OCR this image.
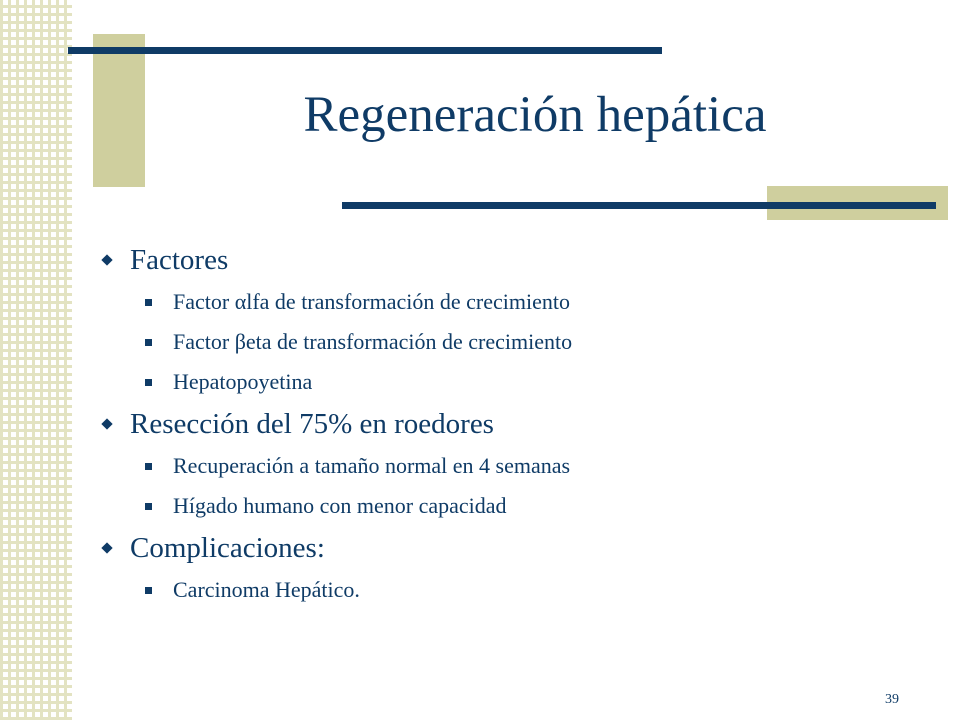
Regeneración hepática
Factores
Factor αlfa de transformación de crecimiento
Factor βeta de transformación de crecimiento
Hepatopoyetina
Resección del 75% en roedores
Recuperación a tamaño normal en 4 semanas
Hígado humano con menor capacidad
Complicaciones:
Carcinoma Hepático.
39
